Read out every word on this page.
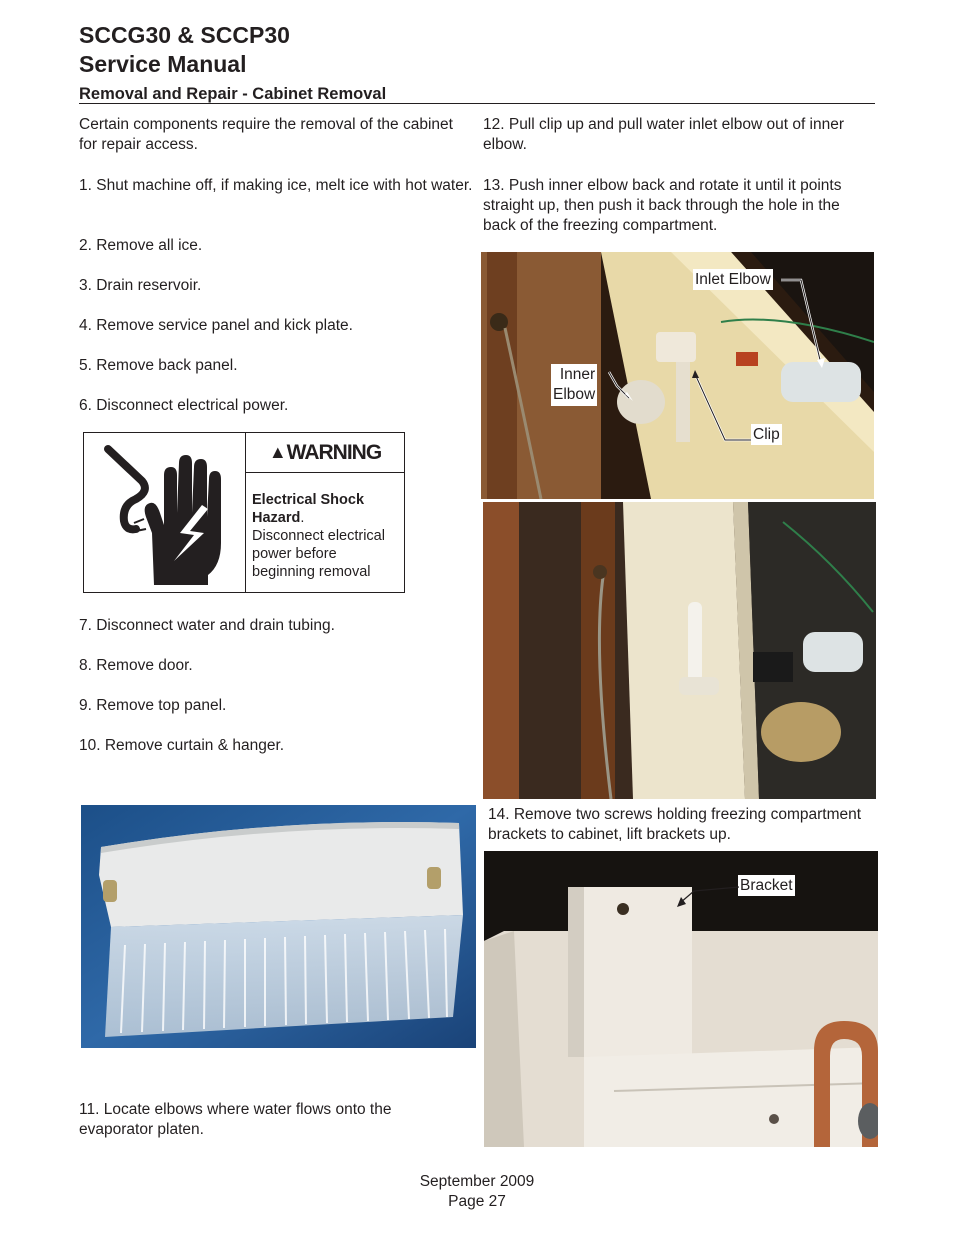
SCCG30 & SCCP30
Service Manual
Removal and Repair - Cabinet Removal
Certain components require the removal of the cabinet for repair access.
1. Shut machine off, if making ice, melt ice with hot water.
2. Remove all ice.
3. Drain reservoir.
4. Remove service panel and kick plate.
5. Remove back panel.
6. Disconnect electrical power.
▲ WARNING
Electrical Shock Hazard.
Disconnect electrical power before beginning removal
7. Disconnect water and drain tubing.
8. Remove door.
9. Remove top panel.
10. Remove curtain & hanger.
11. Locate elbows where water flows onto the evaporator platen.
12. Pull clip up and pull water inlet elbow out of inner elbow.
13. Push inner elbow back and rotate it until it points straight up, then push it back through the hole in the back of the freezing compartment.
Inlet Elbow
Inner
Elbow
Clip
14. Remove two screws holding freezing compartment brackets to cabinet, lift brackets up.
Bracket
September 2009
Page 27
